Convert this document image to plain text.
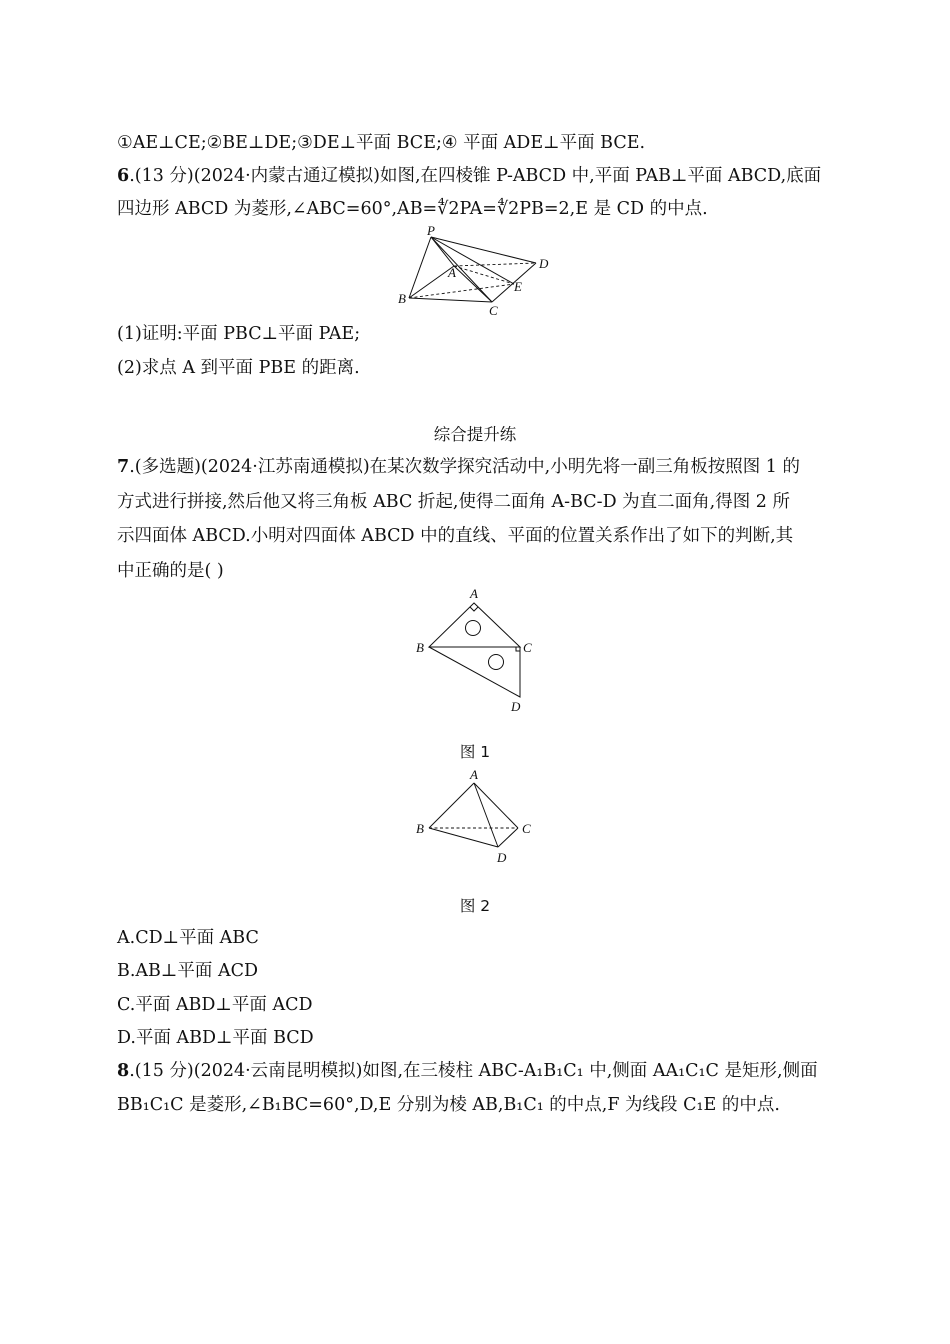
①AE⊥CE;②BE⊥DE;③DE⊥平面 BCE;④ 平面 ADE⊥平面 BCE.
6.(13 分)(2024·内蒙古通辽模拟)如图,在四棱锥 P-ABCD 中,平面 PAB⊥平面 ABCD,底面
四边形 ABCD 为菱形,∠ABC=60°,AB=∜2PA=∜2PB=2,E 是 CD 的中点.
P
A
B
C
D
E
(1)证明:平面 PBC⊥平面 PAE;
(2)求点 A 到平面 PBE 的距离.
综合提升练
7.(多选题)(2024·江苏南通模拟)在某次数学探究活动中,小明先将一副三角板按照图 1 的
方式进行拼接,然后他又将三角板 ABC 折起,使得二面角 A-BC-D 为直二面角,得图 2 所
示四面体 ABCD.小明对四面体 ABCD 中的直线、平面的位置关系作出了如下的判断,其
中正确的是( )
A
B	C
D
图 1
A
B	C
D
图 2
A.CD⊥平面 ABC
B.AB⊥平面 ACD
C.平面 ABD⊥平面 ACD
D.平面 ABD⊥平面 BCD
8.(15 分)(2024·云南昆明模拟)如图,在三棱柱 ABC-A₁B₁C₁ 中,侧面 AA₁C₁C 是矩形,侧面
BB₁C₁C 是菱形,∠B₁BC=60°,D,E 分别为棱 AB,B₁C₁ 的中点,F 为线段 C₁E 的中点.
